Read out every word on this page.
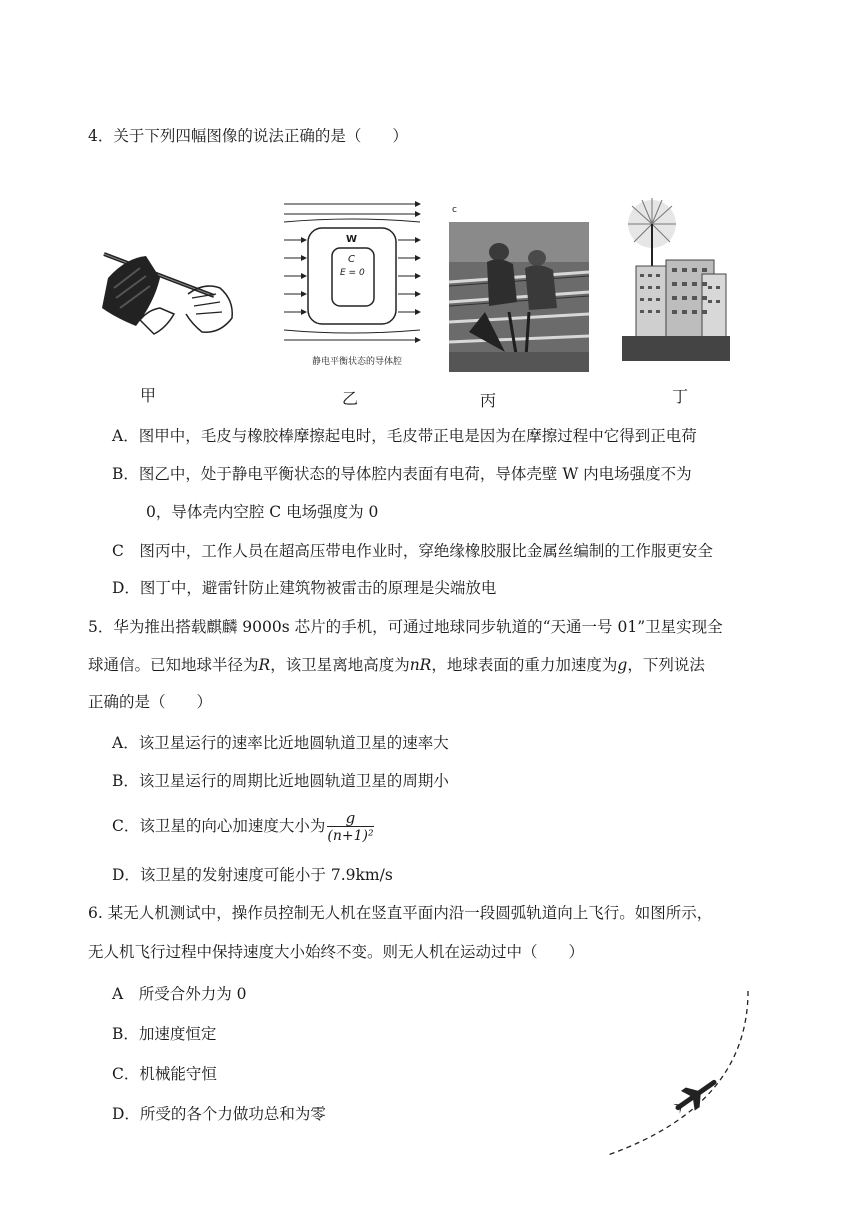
4．关于下列四幅图像的说法正确的是（　　）
W
C
E = 0
静电平衡状态的导体腔
c
甲	乙	丙	丁
A．图甲中，毛皮与橡胶棒摩擦起电时，毛皮带正电是因为在摩擦过程中它得到正电荷
B．图乙中，处于静电平衡状态的导体腔内表面有电荷，导体壳壁 W 内电场强度不为
0，导体壳内空腔 C 电场强度为 0
C　图丙中，工作人员在超高压带电作业时，穿绝缘橡胶服比金属丝编制的工作服更安全
D．图丁中，避雷针防止建筑物被雷击的原理是尖端放电
5．华为推出搭载麒麟 9000s 芯片的手机，可通过地球同步轨道的“天通一号 01”卫星实现全
球通信。已知地球半径为R，该卫星离地高度为nR，地球表面的重力加速度为g，下列说法
正确的是（　　）
A．该卫星运行的速率比近地圆轨道卫星的速率大
B．该卫星运行的周期比近地圆轨道卫星的周期小
C．该卫星的向心加速度大小为 $\frac{g}{\text{(n+1)²}}$
D．该卫星的发射速度可能小于 7.9km/s
6. 某无人机测试中，操作员控制无人机在竖直平面内沿一段圆弧轨道向上飞行。如图所示，
无人机飞行过程中保持速度大小始终不变。则无人机在运动过中（　　）
A　所受合外力为 0
B．加速度恒定
C．机械能守恒
D．所受的各个力做功总和为零
